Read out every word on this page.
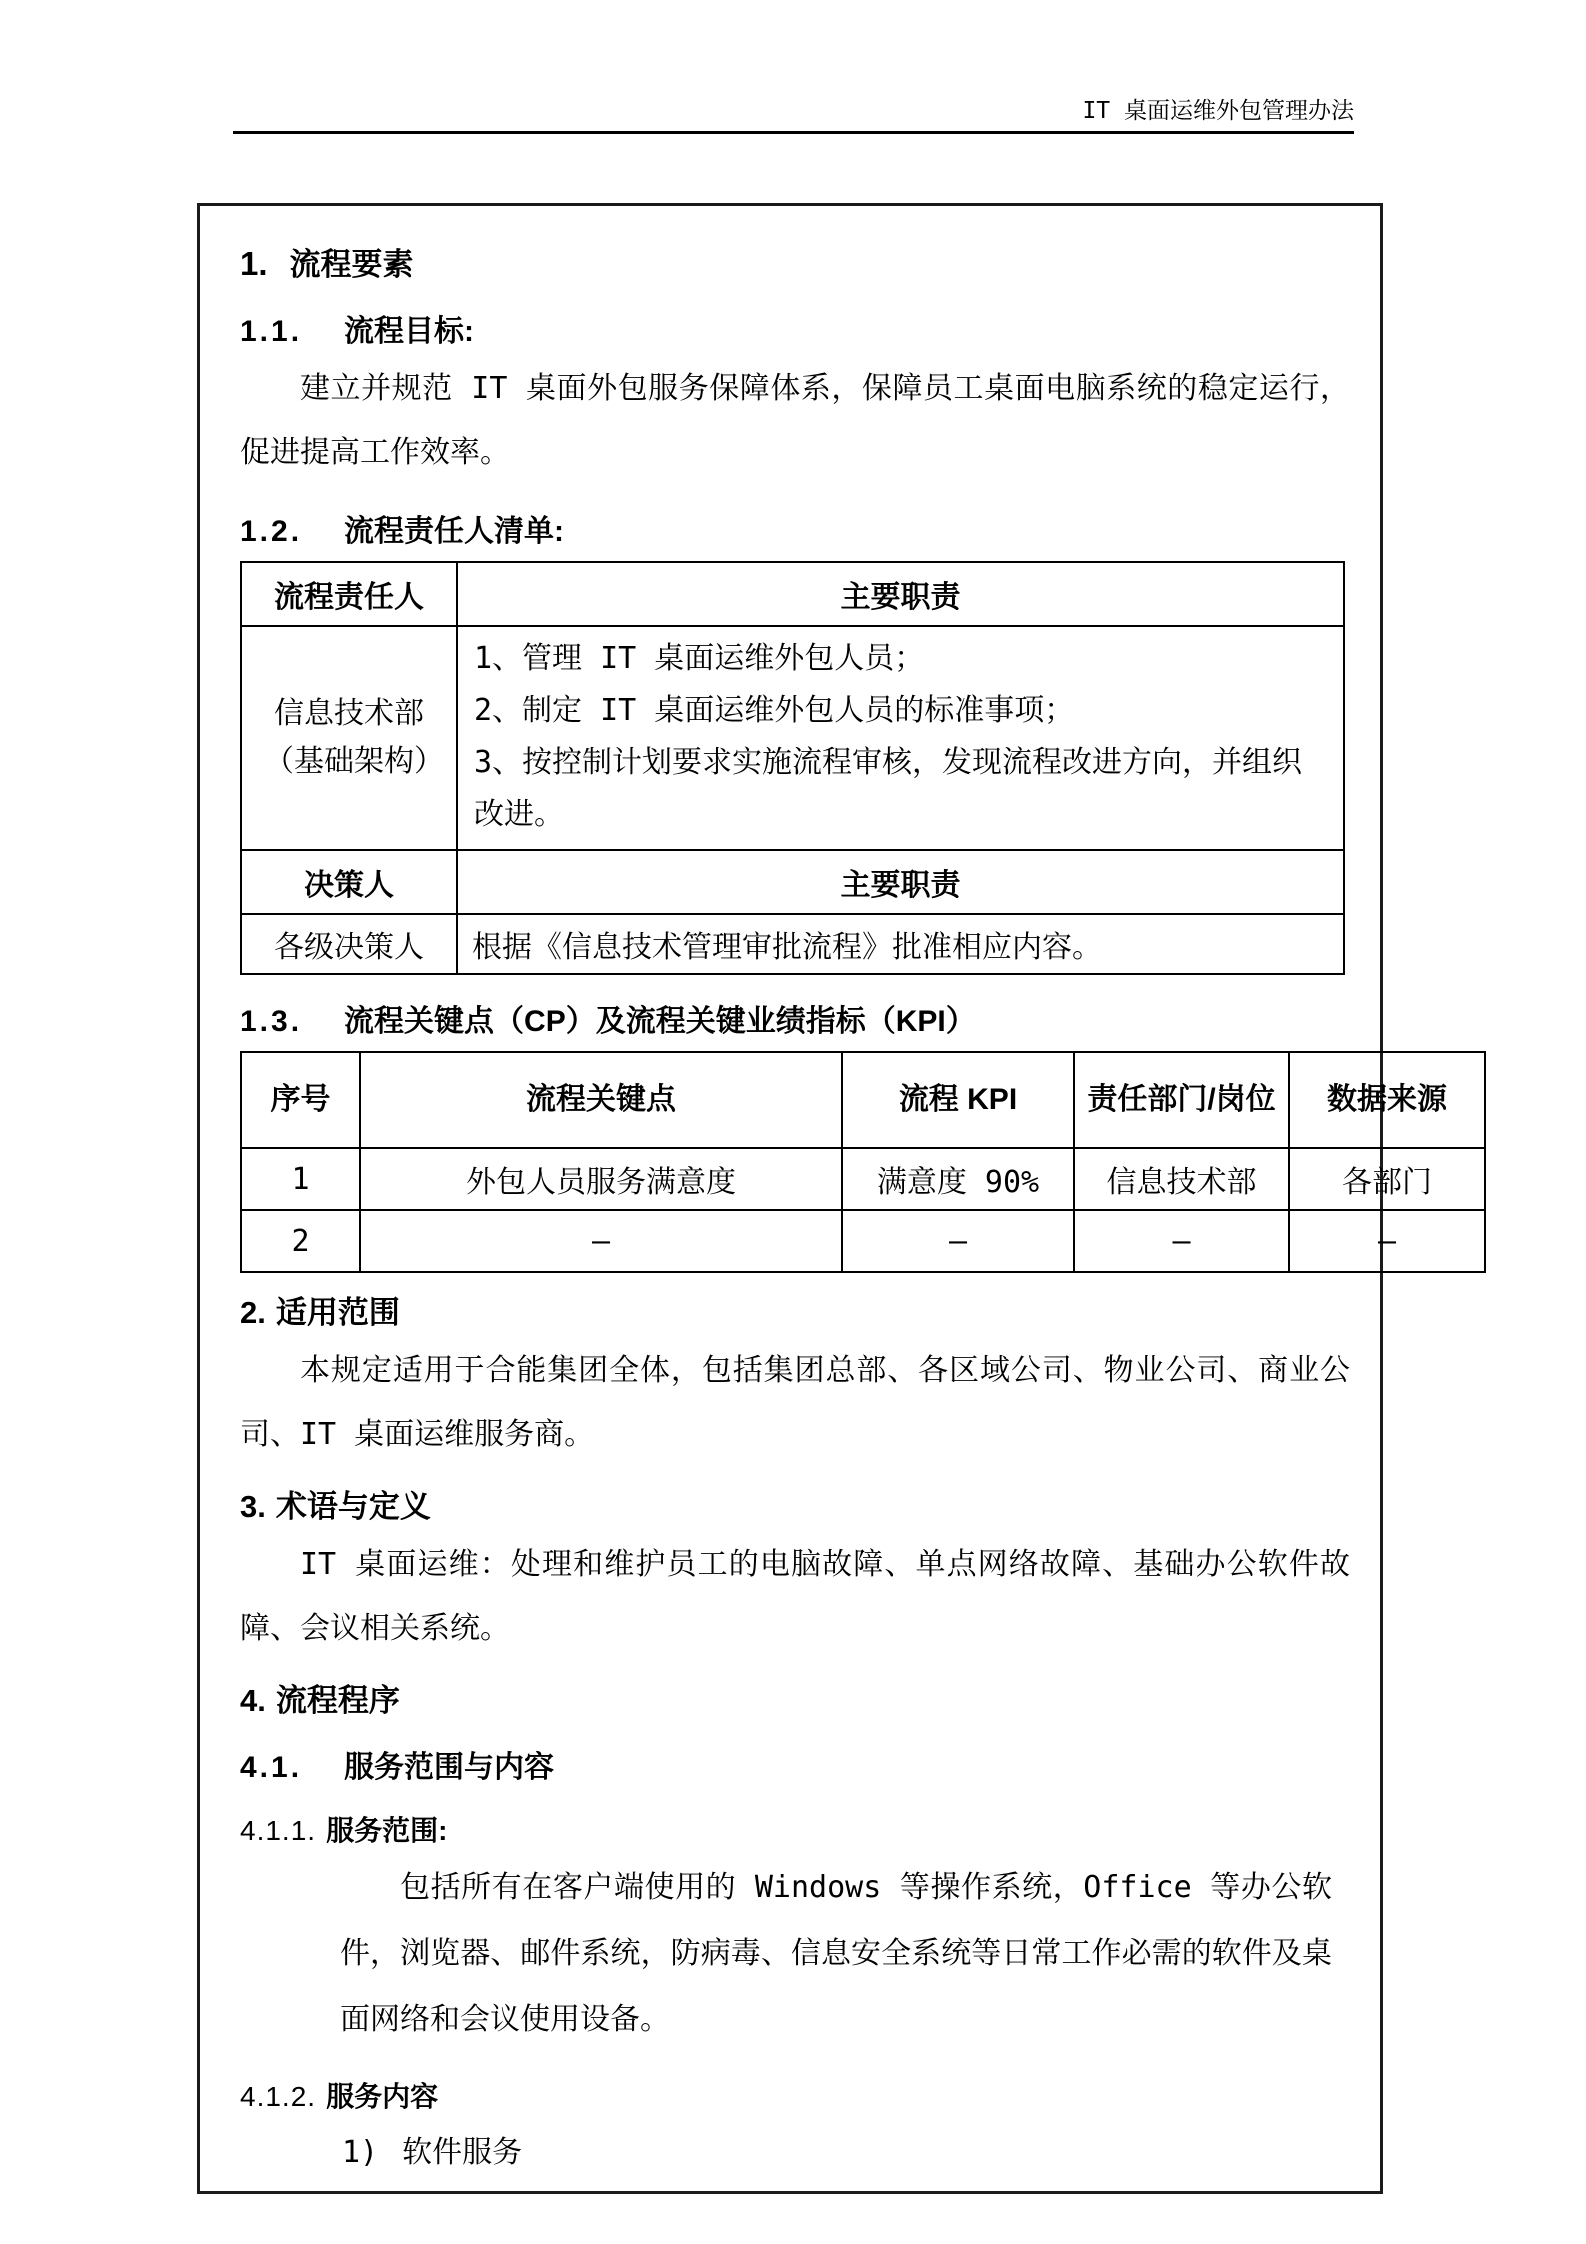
IT 桌面运维外包管理办法
1. 流程要素
1.1. 流程目标:
建立并规范 IT 桌面外包服务保障体系，保障员工桌面电脑系统的稳定运行，促进提高工作效率。
1.2. 流程责任人清单:
流程责任人	主要职责
信息技术部（基础架构）	1、管理 IT 桌面运维外包人员；
2、制定 IT 桌面运维外包人员的标准事项；
3、按控制计划要求实施流程审核，发现流程改进方向，并组织改进。

决策人	主要职责
各级决策人	根据《信息技术管理审批流程》批准相应内容。
1.3. 流程关键点（CP）及流程关键业绩指标（KPI）
序号	流程关键点	流程 KPI	责任部门/岗位	数据来源
1	外包人员服务满意度	满意度 90%	信息技术部	各部门
2	–	–	–	–
2. 适用范围
本规定适用于合能集团全体，包括集团总部、各区域公司、物业公司、商业公司、IT 桌面运维服务商。
3. 术语与定义
IT 桌面运维：处理和维护员工的电脑故障、单点网络故障、基础办公软件故障、会议相关系统。
4. 流程程序
4.1. 服务范围与内容
4.1.1. 服务范围:
包括所有在客户端使用的 Windows 等操作系统，Office 等办公软件，浏览器、邮件系统，防病毒、信息安全系统等日常工作必需的软件及桌面网络和会议使用设备。
4.1.2. 服务内容
1) 软件服务
